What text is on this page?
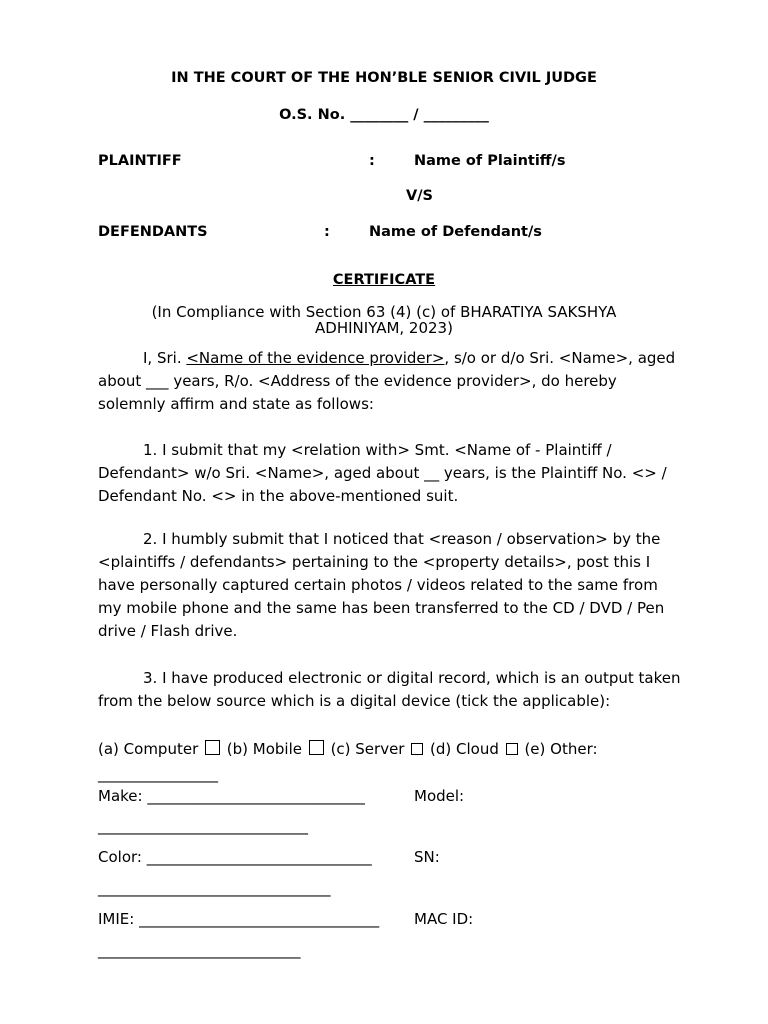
IN THE COURT OF THE HON’BLE SENIOR CIVIL JUDGE
O.S. No. ________ / _________
PLAINTIFF	:	Name of Plaintiff/s
V/S
DEFENDANTS	:	Name of Defendant/s
CERTIFICATE
(In Compliance with Section 63 (4) (c) of BHARATIYA SAKSHYA
ADHINIYAM, 2023)
I, Sri. <Name of the evidence provider>, s/o or d/o Sri. <Name>, aged about ___ years, R/o. <Address of the evidence provider>, do hereby solemnly affirm and state as follows:
1. I submit that my <relation with> Smt. <Name of - Plaintiff / Defendant> w/o Sri. <Name>, aged about __ years, is the Plaintiff No. <> / Defendant No. <> in the above-mentioned suit.
2. I humbly submit that I noticed that <reason / observation> by the <plaintiffs / defendants> pertaining to the <property details>, post this I have personally captured certain photos / videos related to the same from my mobile phone and the same has been transferred to the CD / DVD / Pen drive / Flash drive.
3. I have produced electronic or digital record, which is an output taken from the below source which is a digital device (tick the applicable):
(a) Computer (b) Mobile (c) Server (d) Cloud (e) Other:
________________
Make: _____________________________	Model:
____________________________
Color: ______________________________	SN:
_______________________________
IMIE: ________________________________ MAC ID:
___________________________
